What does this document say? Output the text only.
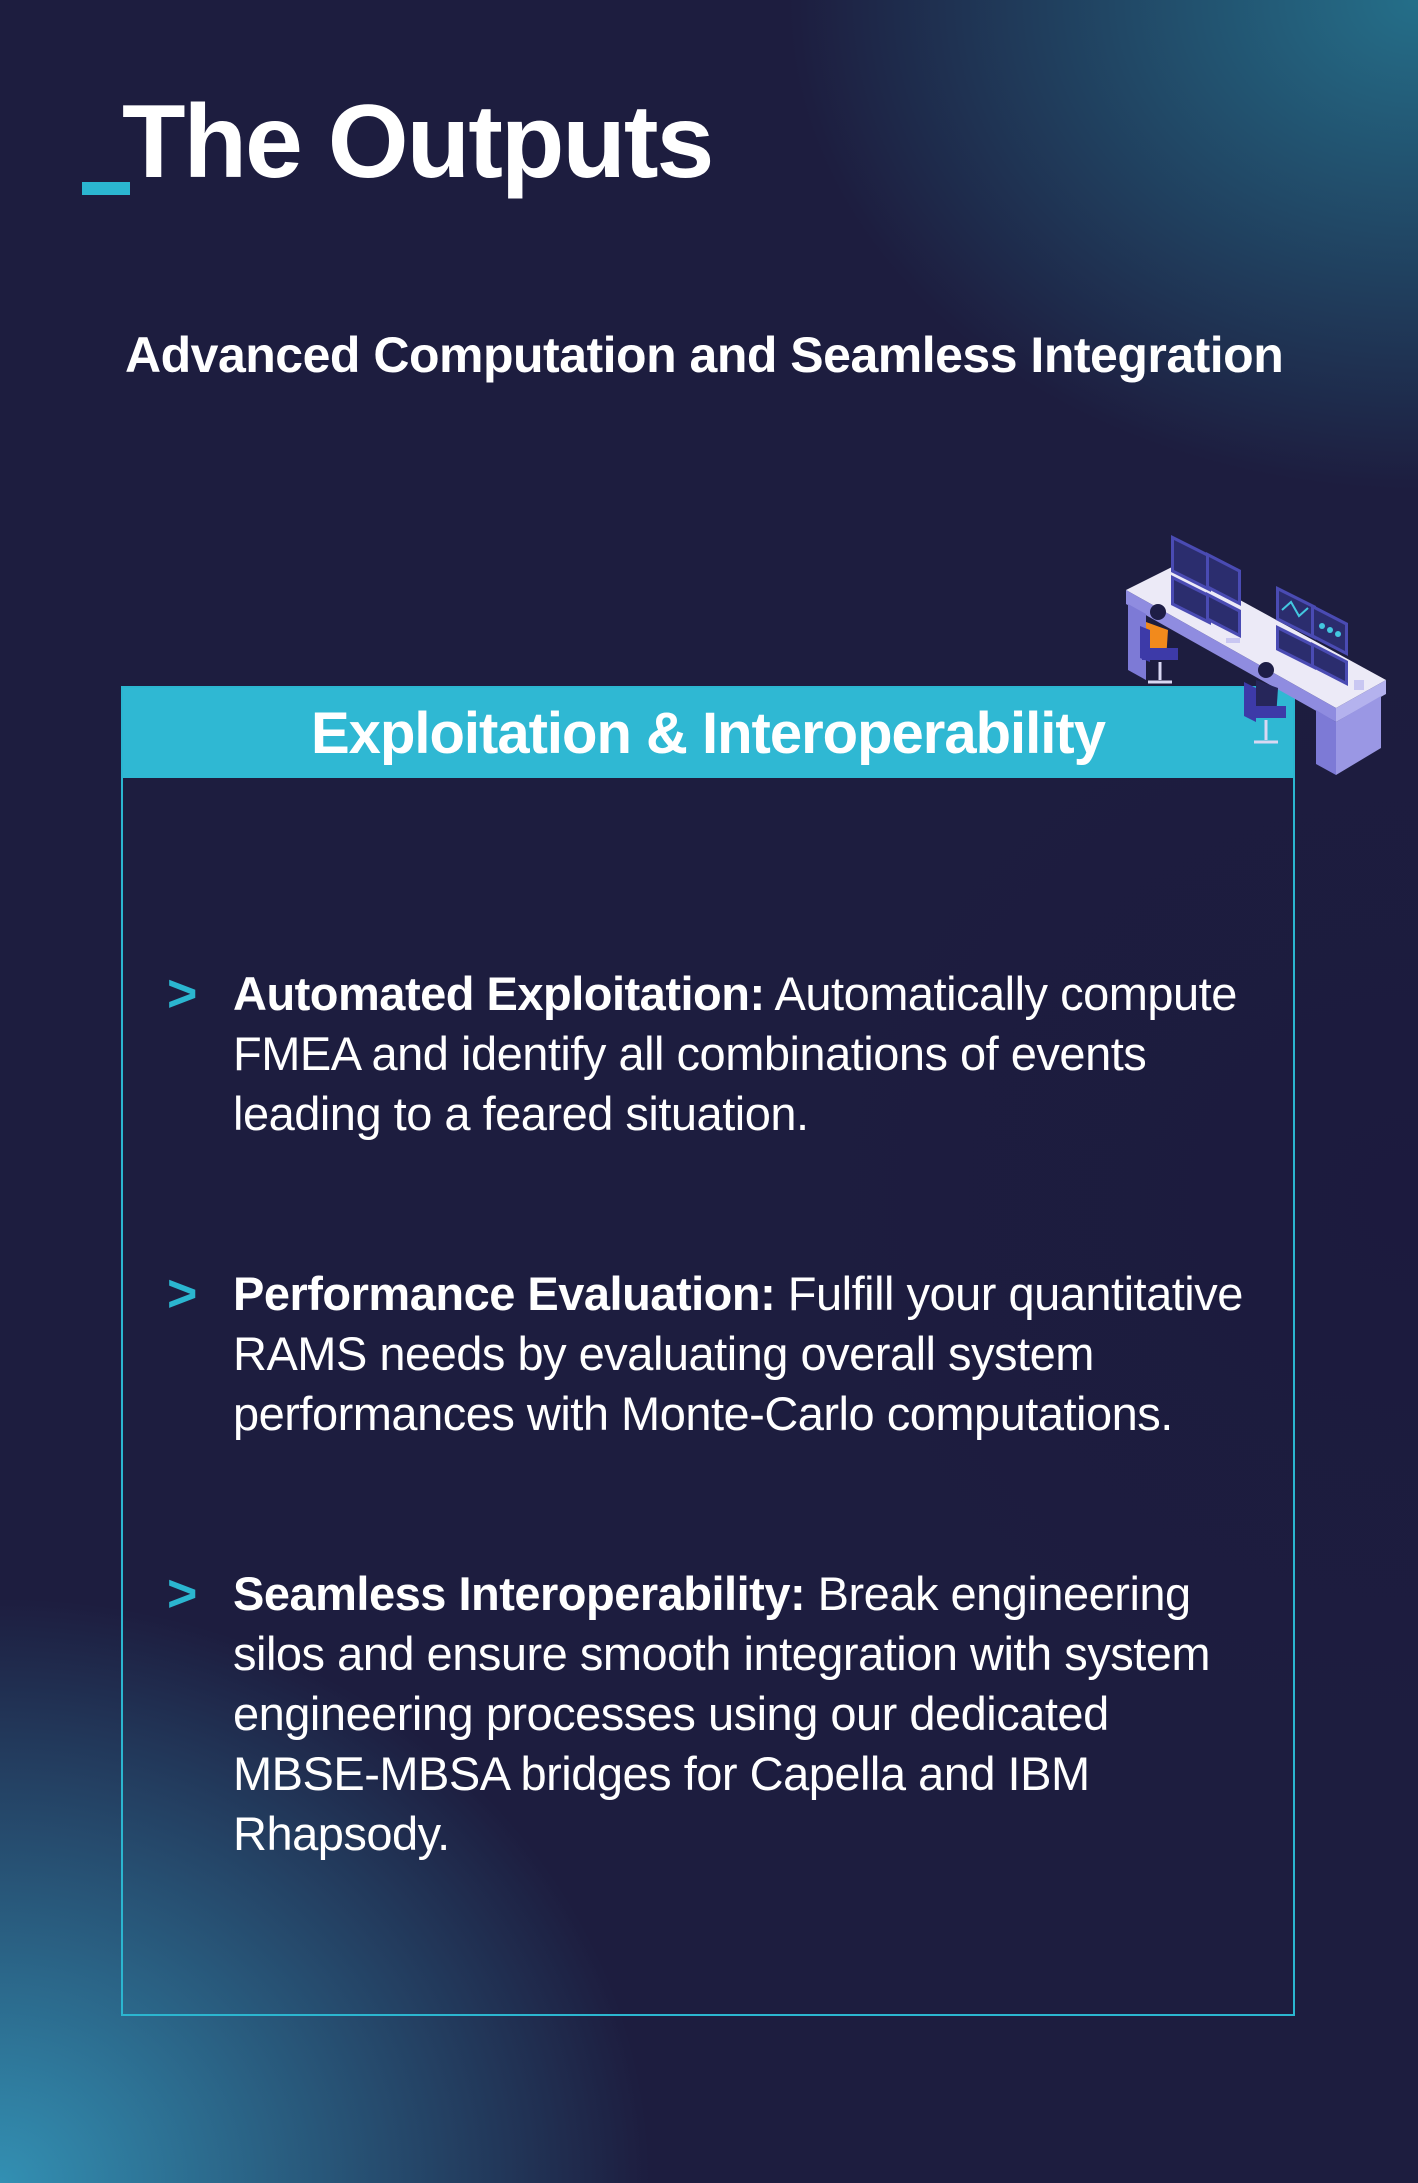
The Outputs
Advanced Computation and Seamless Integration
Exploitation & Interoperability
> Automated Exploitation: Automatically compute FMEA and identify all combinations of events leading to a feared situation.
> Performance Evaluation: Fulfill your quantitative RAMS needs by evaluating overall system performances with Monte-Carlo computations.
> Seamless Interoperability: Break engineering silos and ensure smooth integration with system engineering processes using our dedicated MBSE-MBSA bridges for Capella and IBM Rhapsody.
